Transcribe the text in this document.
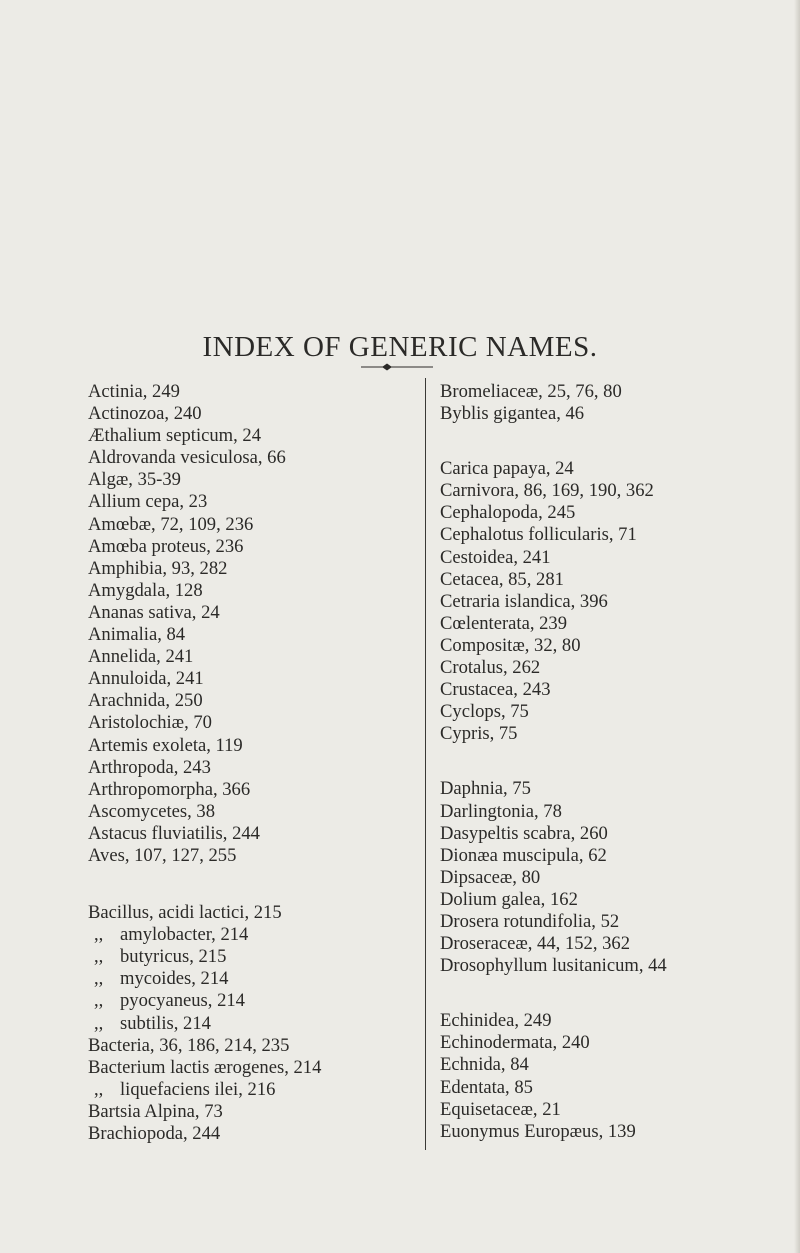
INDEX OF GENERIC NAMES.
Actinia, 249
Actinozoa, 240
Æthalium septicum, 24
Aldrovanda vesiculosa, 66
Algæ, 35-39
Allium cepa, 23
Amœbæ, 72, 109, 236
Amœba proteus, 236
Amphibia, 93, 282
Amygdala, 128
Ananas sativa, 24
Animalia, 84
Annelida, 241
Annuloida, 241
Arachnida, 250
Aristolochiæ, 70
Artemis exoleta, 119
Arthropoda, 243
Arthropomorpha, 366
Ascomycetes, 38
Astacus fluviatilis, 244
Aves, 107, 127, 255
Bacillus, acidi lactici, 215
,, amylobacter, 214
,, butyricus, 215
,, mycoides, 214
,, pyocyaneus, 214
,, subtilis, 214
Bacteria, 36, 186, 214, 235
Bacterium lactis ærogenes, 214
,, liquefaciens ilei, 216
Bartsia Alpina, 73
Brachiopoda, 244
Bromeliaceæ, 25, 76, 80
Byblis gigantea, 46
Carica papaya, 24
Carnivora, 86, 169, 190, 362
Cephalopoda, 245
Cephalotus follicularis, 71
Cestoidea, 241
Cetacea, 85, 281
Cetraria islandica, 396
Cœlenterata, 239
Compositæ, 32, 80
Crotalus, 262
Crustacea, 243
Cyclops, 75
Cypris, 75
Daphnia, 75
Darlingtonia, 78
Dasypeltis scabra, 260
Dionæa muscipula, 62
Dipsaceæ, 80
Dolium galea, 162
Drosera rotundifolia, 52
Droseraceæ, 44, 152, 362
Drosophyllum lusitanicum, 44
Echinidea, 249
Echinodermata, 240
Echnida, 84
Edentata, 85
Equisetaceæ, 21
Euonymus Europæus, 139
